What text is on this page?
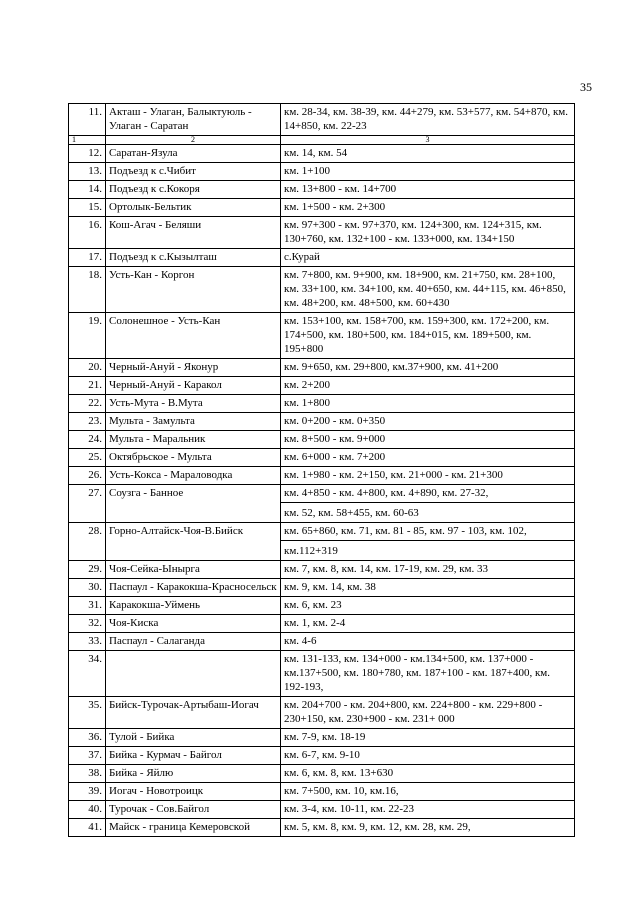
35
11.	Акташ - Улаган, Балыктуюль - Улаган - Саратан	км. 28-34, км. 38-39, км. 44+279, км. 53+577, км. 54+870, км. 14+850, км. 22-23
1	2	3
12.	Саратан-Язула	км. 14, км. 54
13.	Подъезд к с.Чибит	км. 1+100
14.	Подъезд к с.Кокоря	км. 13+800 - км. 14+700
15.	Ортолык-Бельтик	км. 1+500 - км. 2+300
16.	Кош-Агач - Беляши	км. 97+300 - км. 97+370, км. 124+300, км. 124+315, км. 130+760, км. 132+100 - км. 133+000, км. 134+150
17.	Подъезд к с.Кызылташ	с.Курай
18.	Усть-Кан - Коргон	км. 7+800, км. 9+900, км. 18+900, км. 21+750, км. 28+100, км. 33+100, км. 34+100, км. 40+650, км. 44+115, км. 46+850, км. 48+200, км. 48+500, км. 60+430
19.	Солонешное - Усть-Кан	км. 153+100, км. 158+700, км. 159+300, км. 172+200, км. 174+500, км. 180+500, км. 184+015, км. 189+500, км. 195+800
20.	Черный-Ануй - Яконур	км. 9+650, км. 29+800, км.37+900, км. 41+200
21.	Черный-Ануй - Каракол	км. 2+200
22.	Усть-Мута - В.Мута	км. 1+800
23.	Мульта - Замульта	км. 0+200 - км. 0+350
24.	Мульта - Маральник	км. 8+500 - км. 9+000
25.	Октябрьское - Мульта	км. 6+000 - км. 7+200
26.	Усть-Кокса - Мараловодка	км. 1+980 - км. 2+150, км. 21+000 - км. 21+300
27.	Соузга - Банное	км. 4+850 - км. 4+800, км. 4+890, км. 27-32,
		км. 52, км. 58+455, км. 60-63
28.	Горно-Алтайск-Чоя-В.Бийск	км. 65+860, км. 71, км. 81 - 85, км. 97 - 103, км. 102,
		км.112+319
29.	Чоя-Сейка-Ыныргa	км. 7, км. 8, км. 14, км. 17-19, км. 29, км. 33
30.	Паспаул - Каракокша-Красносельск	км. 9, км. 14, км. 38
31.	Каракокша-Уймень	км. 6, км. 23
32.	Чоя-Киска	км. 1, км. 2-4
33.	Паспаул - Салаганда	км. 4-6
34.		км. 131-133, км. 134+000 - км.134+500, км. 137+000 - км.137+500, км. 180+780, км. 187+100 - км. 187+400, км. 192-193,
35.	Бийск-Турочак-Артыбаш-Иогач	км. 204+700 - км. 204+800, км. 224+800 - км. 229+800 - 230+150, км. 230+900 - км. 231+ 000
36.	Тулой - Бийка	км. 7-9, км. 18-19
37.	Бийка - Курмач - Байгол	км. 6-7, км. 9-10
38.	Бийка - Яйлю	км. 6, км. 8, км. 13+630
39.	Иогач - Новотроицк	км. 7+500, км. 10, км.16,
40.	Турочак - Сов.Байгол	км. 3-4, км. 10-11, км. 22-23
41.	Майск - граница Кемеровской	км. 5, км. 8, км. 9, км. 12, км. 28, км. 29,
